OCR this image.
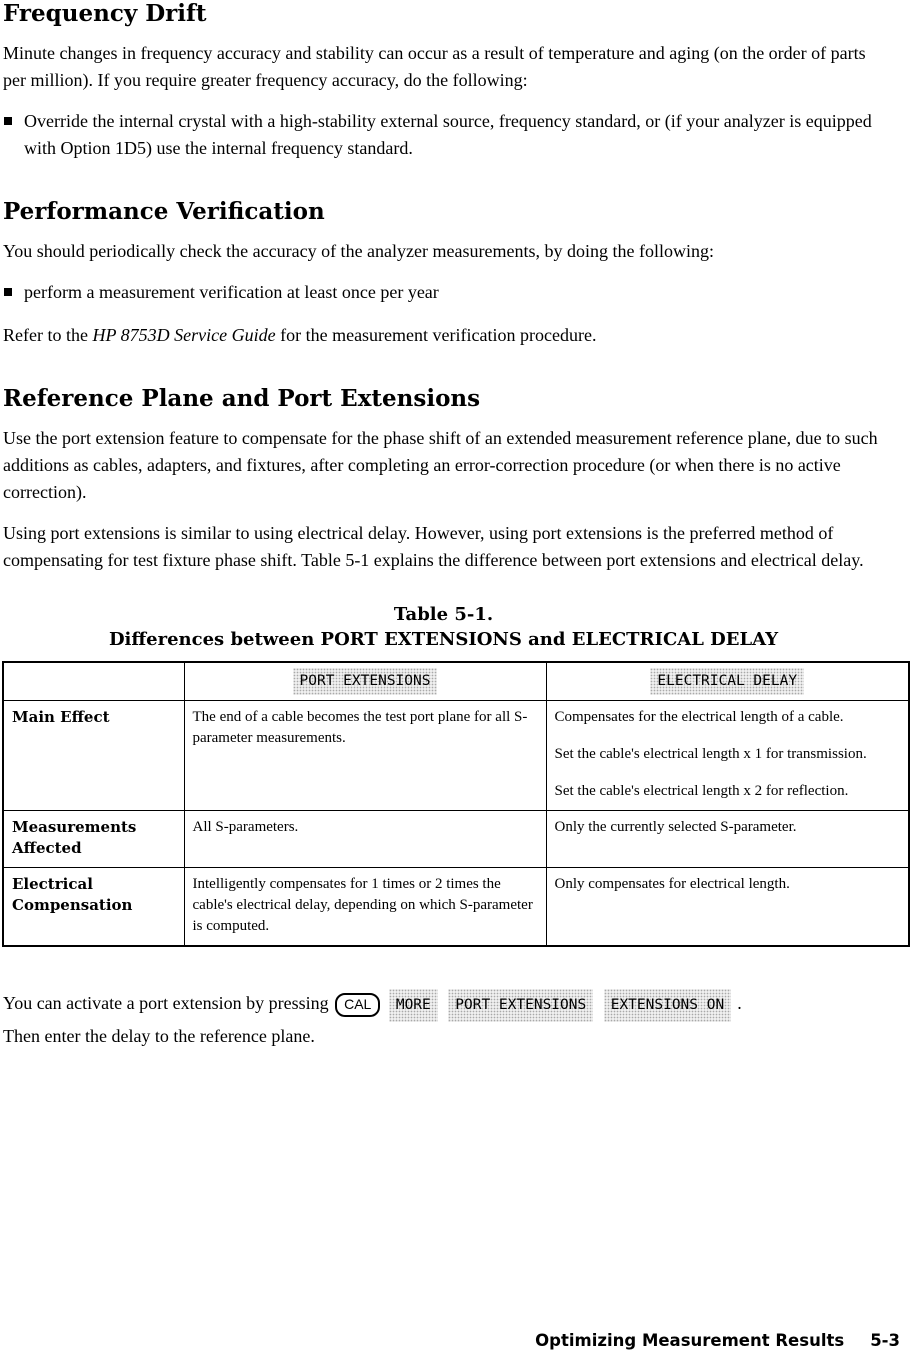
Frequency Drift

Minute changes in frequency accuracy and stability can occur as a result of temperature and aging (on the order of parts per million). If you require greater frequency accuracy, do the following:

Override the internal crystal with a high-stability external source, frequency standard, or (if your analyzer is equipped with Option 1D5) use the internal frequency standard.
Performance Verification

You should periodically check the accuracy of the analyzer measurements, by doing the following:

perform a measurement verification at least once per year

Refer to the HP 8753D Service Guide for the measurement verification procedure.

Reference Plane and Port Extensions

Use the port extension feature to compensate for the phase shift of an extended measurement reference plane, due to such additions as cables, adapters, and fixtures, after completing an error-correction procedure (or when there is no active correction).

Using port extensions is similar to using electrical delay. However, using port extensions is the preferred method of compensating for test fixture phase shift. Table 5-1 explains the difference between port extensions and electrical delay.

Table 5-1.
Differences between PORT EXTENSIONS and ELECTRICAL DELAY
	PORT EXTENSIONS	ELECTRICAL DELAY
Main Effect	The end of a cable becomes the test port plane for all S-parameter measurements.	Compensates for the electrical length of a cable.

Set the cable's electrical length x 1 for transmission.

Set the cable's electrical length x 2 for reflection.

Measurements Affected	All S-parameters.	Only the currently selected S-parameter.

Electrical Compensation	Intelligently compensates for 1 times or 2 times the cable's electrical delay, depending on which S-parameter is computed.	Only compensates for electrical length.

You can activate a port extension by pressing CAL MORE PORT EXTENSIONS EXTENSIONS ON .
Then enter the delay to the reference plane.
Optimizing Measurement Results 5-3
